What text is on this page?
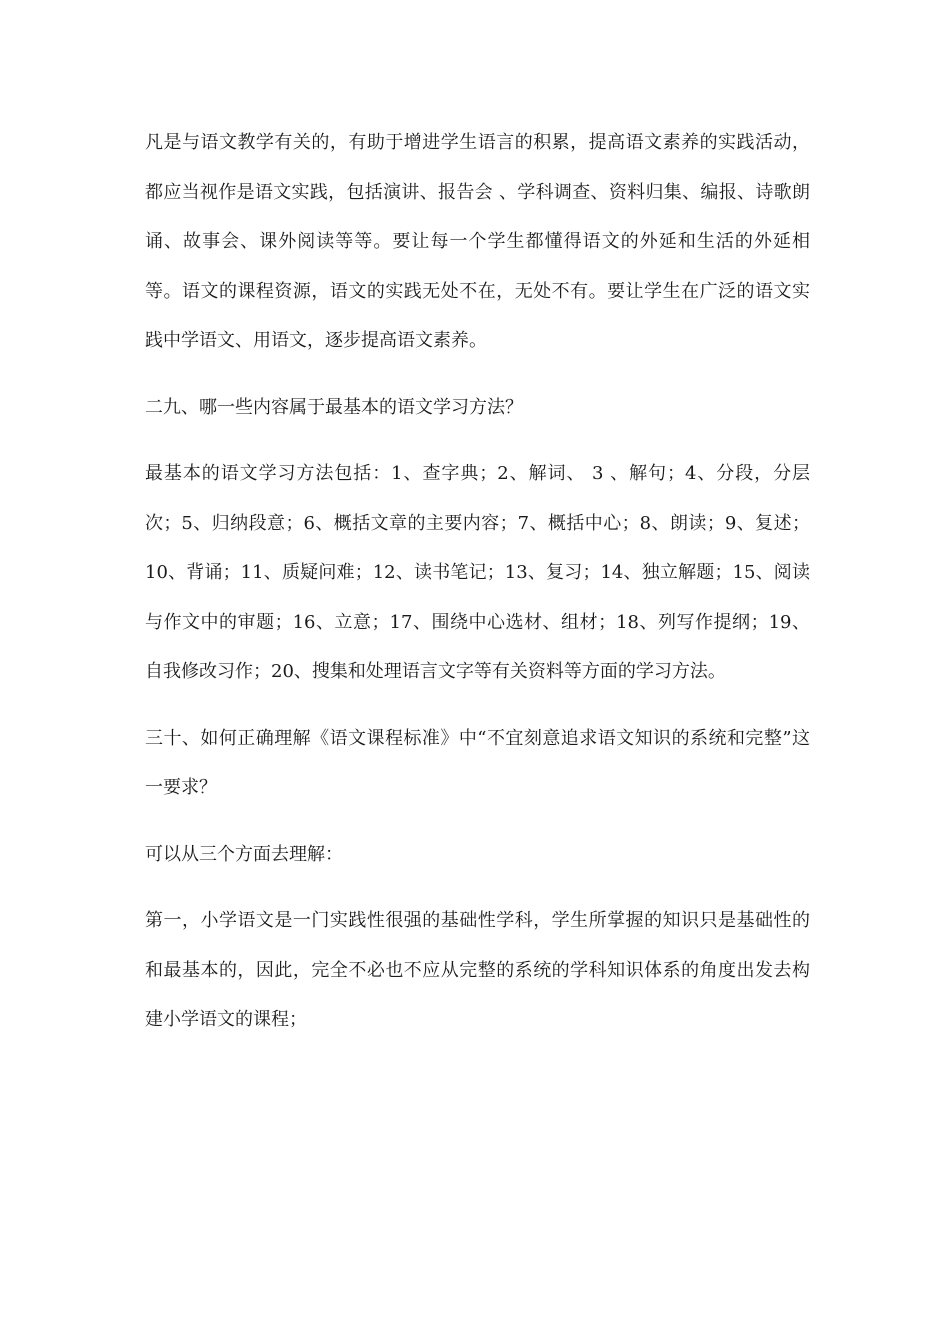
凡是与语文教学有关的，有助于增进学生语言的积累，提高语文素养的实践活动，都应当视作是语文实践，包括演讲、报告会 、学科调查、资料归集、编报、诗歌朗诵、故事会、课外阅读等等。要让每一个学生都懂得语文的外延和生活的外延相等。语文的课程资源，语文的实践无处不在，无处不有。要让学生在广泛的语文实践中学语文、用语文，逐步提高语文素养。

二九、哪一些内容属于最基本的语文学习方法？

最基本的语文学习方法包括：1、查字典；2、解词、 3 、解句；4、分段，分层次；5、归纳段意；6、概括文章的主要内容；7、概括中心；8、朗读；9、复述；10、背诵；11、质疑问难；12、读书笔记；13、复习；14、独立解题；15、阅读与作文中的审题；16、立意；17、围绕中心选材、组材；18、列写作提纲；19、自我修改习作；20、搜集和处理语言文字等有关资料等方面的学习方法。

三十、如何正确理解《语文课程标准》中“不宜刻意追求语文知识的系统和完整”这一要求？

可以从三个方面去理解：

第一，小学语文是一门实践性很强的基础性学科，学生所掌握的知识只是基础性的和最基本的，因此，完全不必也不应从完整的系统的学科知识体系的角度出发去构建小学语文的课程；
